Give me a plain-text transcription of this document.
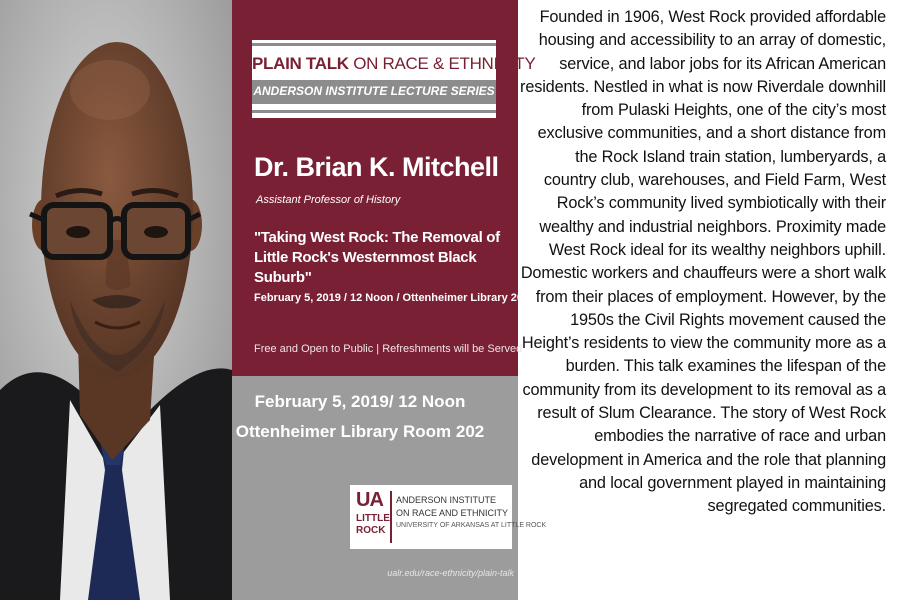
PLAIN TALK ON RACE & ETHNICITY
ANDERSON INSTITUTE LECTURE SERIES
Dr. Brian K. Mitchell
Assistant Professor of History
"Taking West Rock: The Removal of Little Rock's Westernmost Black Suburb"
February 5, 2019 / 12 Noon / Ottenheimer Library 202
Free and Open to Public | Refreshments will be Served
February 5, 2019/ 12 Noon
Ottenheimer Library Room 202
UA
LITTLE
ROCK
ANDERSON INSTITUTE
ON RACE AND ETHNICITY
UNIVERSITY OF ARKANSAS AT LITTLE ROCK
ualr.edu/race-ethnicity/plain-talk

Founded in 1906, West Rock provided affordable housing and accessibility to an array of domestic, service, and labor jobs for its African American residents. Nestled in what is now Riverdale downhill from Pulaski Heights, one of the city’s most exclusive communities, and a short distance from the Rock Island train station, lumberyards, a country club, warehouses, and Field Farm, West Rock’s community lived symbiotically with their wealthy and industrial neighbors. Proximity made West Rock ideal for its wealthy neighbors uphill. Domestic workers and chauffeurs were a short walk from their places of employment. However, by the 1950s the Civil Rights movement caused the Height’s residents to view the community more as a burden. This talk examines the lifespan of the community from its development to its removal as a result of Slum Clearance. The story of West Rock embodies the narrative of race and urban development in America and the role that planning and local government played in maintaining segregated communities.
